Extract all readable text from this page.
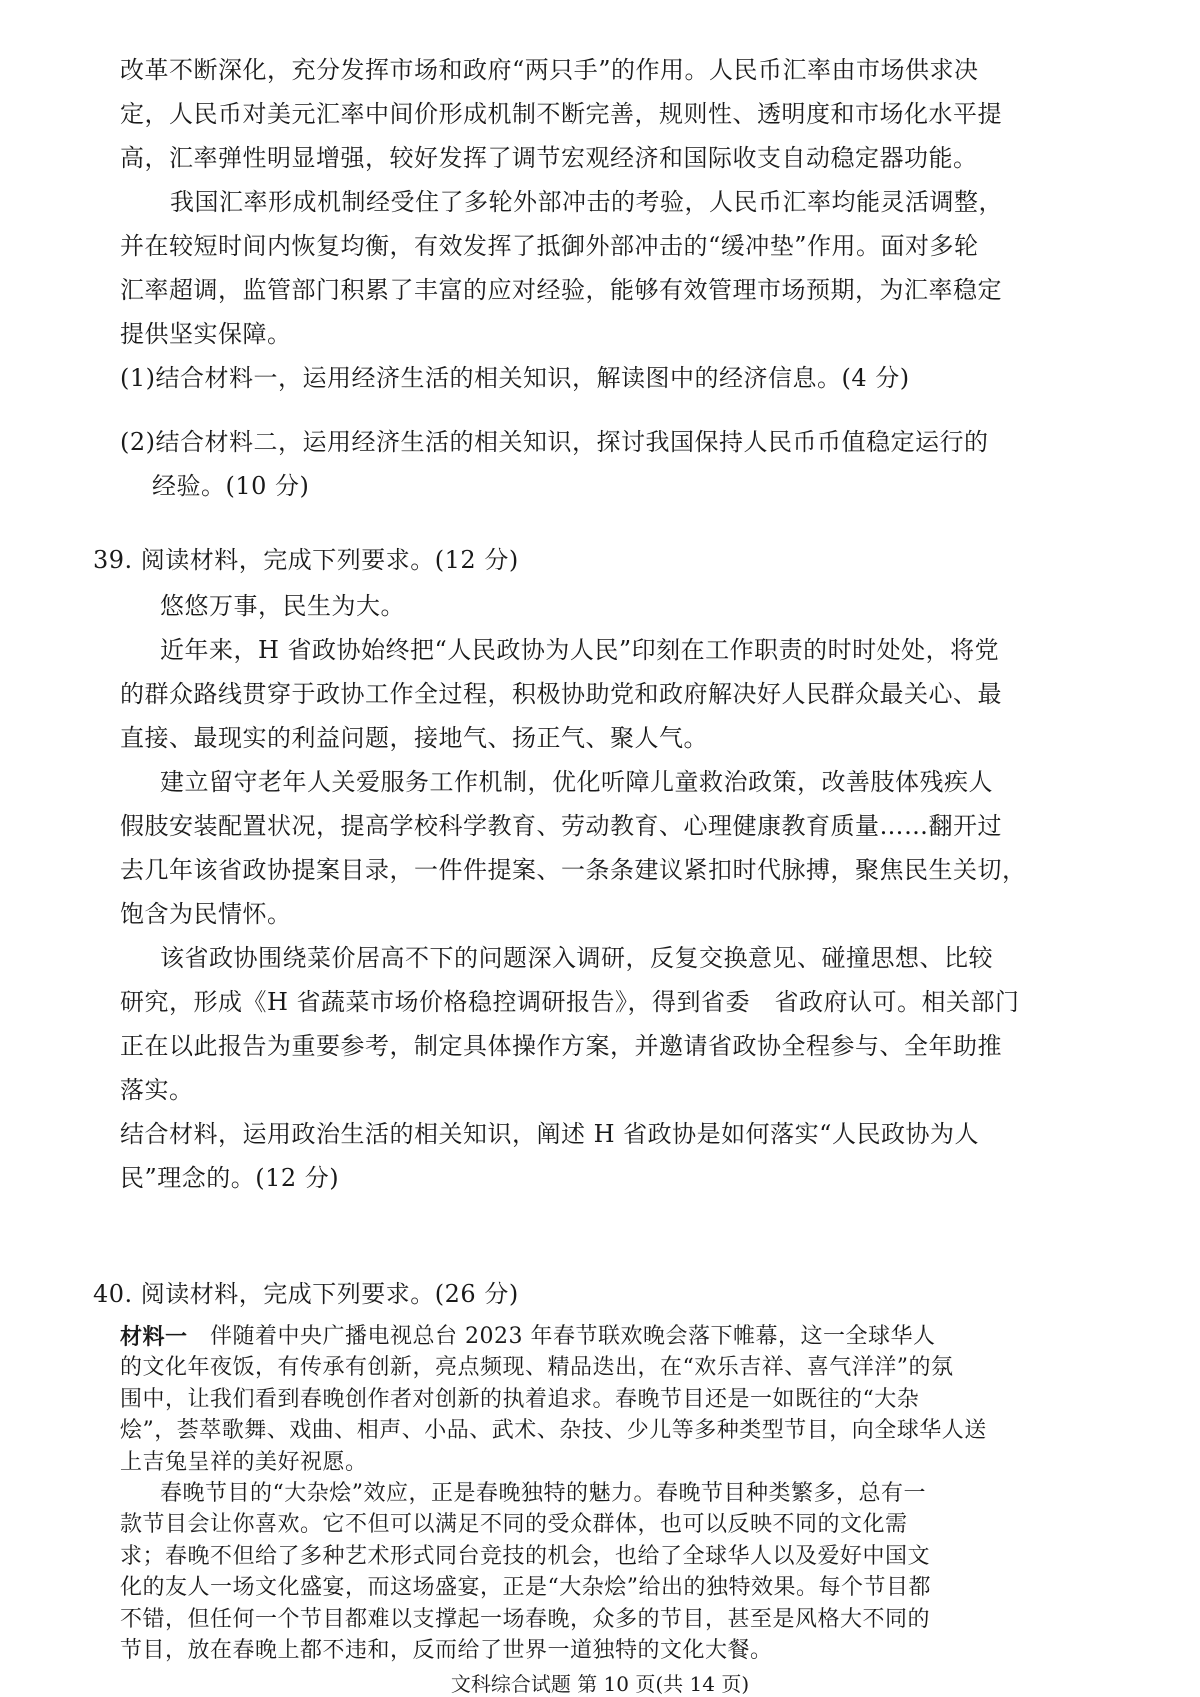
改革不断深化，充分发挥市场和政府“两只手”的作用。人民币汇率由市场供求决
定，人民币对美元汇率中间价形成机制不断完善，规则性、透明度和市场化水平提
高，汇率弹性明显增强，较好发挥了调节宏观经济和国际收支自动稳定器功能。
我国汇率形成机制经受住了多轮外部冲击的考验，人民币汇率均能灵活调整，
并在较短时间内恢复均衡，有效发挥了抵御外部冲击的“缓冲垫”作用。面对多轮
汇率超调，监管部门积累了丰富的应对经验，能够有效管理市场预期，为汇率稳定
提供坚实保障。
(1)结合材料一，运用经济生活的相关知识，解读图中的经济信息。(4 分)
(2)结合材料二，运用经济生活的相关知识，探讨我国保持人民币币值稳定运行的
经验。(10 分)
39. 阅读材料，完成下列要求。(12 分)
悠悠万事，民生为大。
近年来，H 省政协始终把“人民政协为人民”印刻在工作职责的时时处处，将党
的群众路线贯穿于政协工作全过程，积极协助党和政府解决好人民群众最关心、最
直接、最现实的利益问题，接地气、扬正气、聚人气。
建立留守老年人关爱服务工作机制，优化听障儿童救治政策，改善肢体残疾人
假肢安装配置状况，提高学校科学教育、劳动教育、心理健康教育质量……翻开过
去几年该省政协提案目录，一件件提案、一条条建议紧扣时代脉搏，聚焦民生关切，
饱含为民情怀。
该省政协围绕菜价居高不下的问题深入调研，反复交换意见、碰撞思想、比较
研究，形成《H 省蔬菜市场价格稳控调研报告》，得到省委　省政府认可。相关部门
正在以此报告为重要参考，制定具体操作方案，并邀请省政协全程参与、全年助推
落实。
结合材料，运用政治生活的相关知识，阐述 H 省政协是如何落实“人民政协为人
民”理念的。(12 分)
40. 阅读材料，完成下列要求。(26 分)
材料一 伴随着中央广播电视总台 2023 年春节联欢晚会落下帷幕，这一全球华人
的文化年夜饭，有传承有创新，亮点频现、精品迭出，在“欢乐吉祥、喜气洋洋”的氛
围中，让我们看到春晚创作者对创新的执着追求。春晚节目还是一如既往的“大杂
烩”，荟萃歌舞、戏曲、相声、小品、武术、杂技、少儿等多种类型节目，向全球华人送
上吉兔呈祥的美好祝愿。
春晚节目的“大杂烩”效应，正是春晚独特的魅力。春晚节目种类繁多，总有一
款节目会让你喜欢。它不但可以满足不同的受众群体，也可以反映不同的文化需
求；春晚不但给了多种艺术形式同台竞技的机会，也给了全球华人以及爱好中国文
化的友人一场文化盛宴，而这场盛宴，正是“大杂烩”给出的独特效果。每个节目都
不错，但任何一个节目都难以支撑起一场春晚，众多的节目，甚至是风格大不同的
节目，放在春晚上都不违和，反而给了世界一道独特的文化大餐。
文科综合试题 第 10 页(共 14 页)
